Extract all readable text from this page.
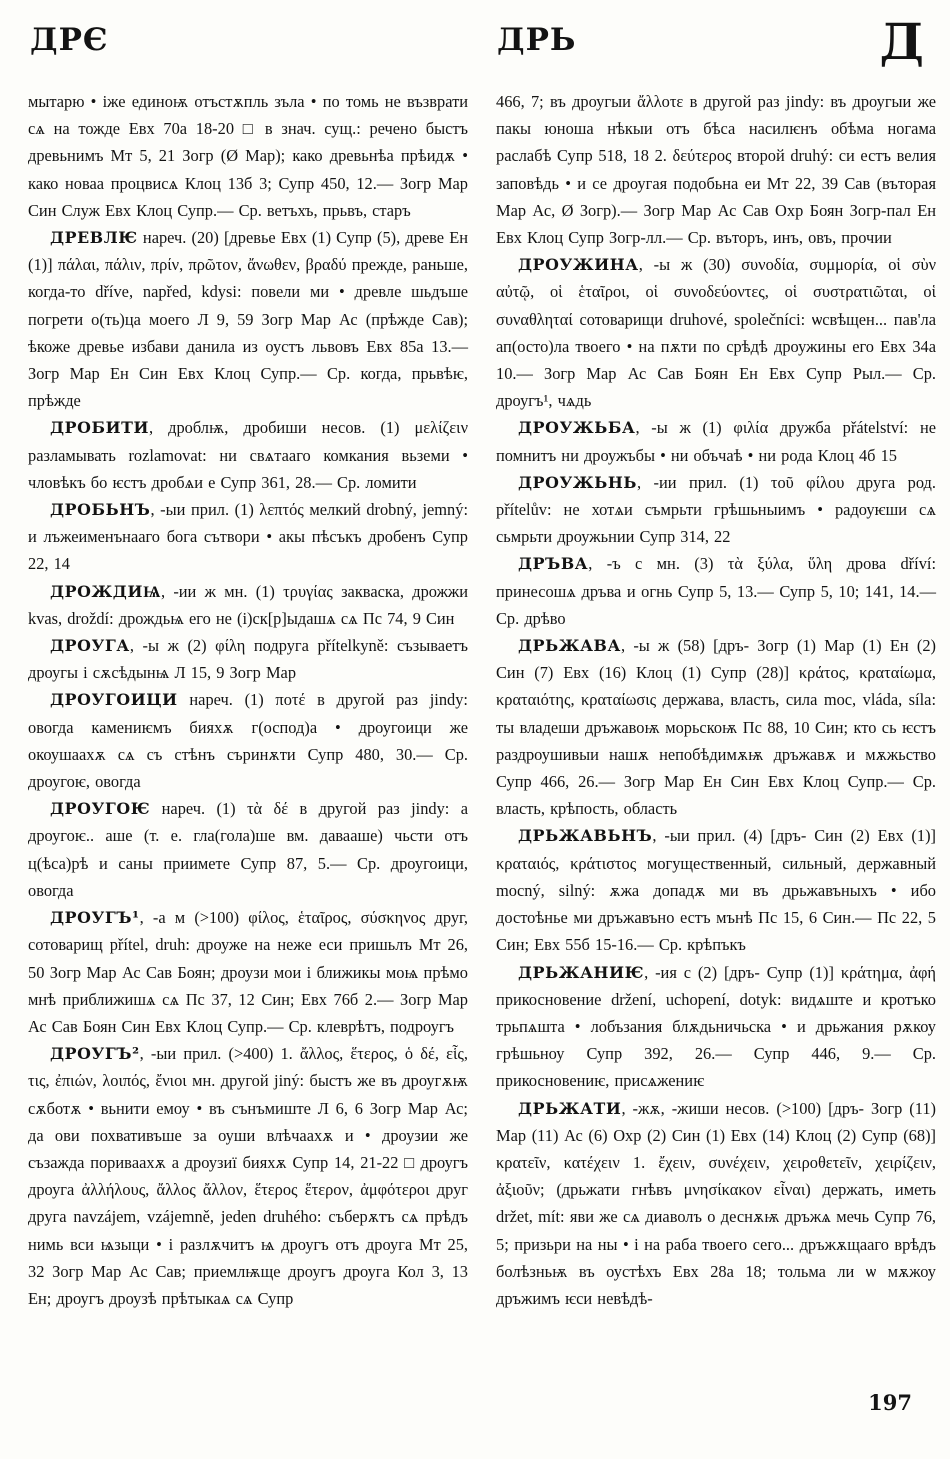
ДРЄ	ДРЬ	Д

мытарю • іже единоѭ отъстѫпль зъла • по томь не възврати сѧ на тожде Евх 70а 18-20 □ в знач. сущ.: речено быстъ древьнимъ Мт 5, 21 Зогр (Ø Мар); како древьнѣа прѣидѫ • како новаа процвисѧ Клоц 13б 3; Супр 450, 12.— Зогр Мар Син Служ Евх Клоц Супр.— Ср. ветъхъ, прьвъ, старъ

ДРЕВЛѤ нареч. (20) [древье Евх (1) Супр (5), древе Ен (1)] πάλαι, πάλιν, πρίν, πρῶτον, ἄνωθεν, βραδύ прежде, раньше, когда-то dříve, napřed, kdysi: повели ми • древле шьдъше погрети о(ть)ца моего Л 9, 59 Зогр Мар Ас (прѣжде Сав); ѣкоже древье избави данила из оустъ львовъ Евх 85а 13.— Зогр Мар Ен Син Евх Клоц Супр.— Ср. когда, прьвѣѥ, прѣжде

ДРОБИТИ, дроблѭ, дробиши несов. (1) μελίζειν разламывать rozlamovat: ни свѧтааго комкания вьземи • чловѣкъ бо ѥстъ дробѧи е Супр 361, 28.— Ср. ломити

ДРОБЬНЪ, -ыи прил. (1) λεπτός мелкий drobný, jemný: и лъжеименънааго бога сътвори • акы пѣсъкъ дробенъ Супр 22, 14

ДРОЖДИѨ, -ии ж мн. (1) τρυγίας закваска, дрожжи kvas, droždí: дрождьѩ его не (і)ск[р]ыдашѧ сѧ Пс 74, 9 Син

ДРОУГА, -ы ж (2) φίλη подруга přítelkyně: съзываетъ дроугы і сѫсѣдынѩ Л 15, 9 Зогр Мар

ДРОУГОИЦИ нареч. (1) ποτέ в другой раз jindy: овогда камениѥмъ бияхѫ г(оспод)а • дроугоици же окоушаахѫ сѧ съ стѣнъ съринѫти Супр 480, 30.— Ср. дроугоѥ, овогда

ДРОУГОѤ нареч. (1) τὰ δέ в другой раз jindy: а дроугоѥ.. аше (т. е. гла(гола)ше вм. давааше) чьсти отъ ц(ѣса)рѣ и саны приимете Супр 87, 5.— Ср. дроугоици, овогда

ДРОУГЪ¹, -а м (>100) φίλος, ἑταῖρος, σύσκηνος друг, сотоварищ přítel, druh: дроуже на неже еси пришьлъ Мт 26, 50 Зогр Мар Ас Сав Боян; дроузи мои і ближикы моѩ прѣмо мнѣ приближишѧ сѧ Пс 37, 12 Син; Евх 76б 2.— Зогр Мар Ас Сав Боян Син Евх Клоц Супр.— Ср. клеврѣтъ, подроугъ

ДРОУГЪ², -ыи прил. (>400) 1. ἄλλος, ἕτερος, ὁ δέ, εἷς, τις, ἐπιών, λοιπός, ἔνιοι мн. другой jiný: быстъ же въ дроугѫѭ сѫботѫ • вьнити емоу • въ сънъмиште Л 6, 6 Зогр Мар Ас; да ови похвативъше за оуши влѣчаахѫ и • дроузии же съзажда поривaaхѫ а дроузиї бияхѫ Супр 14, 21-22 □ дроугъ дроуга ἀλλήλους, ἄλλος ἄλλον, ἕτερος ἕτερον, ἀμφότεροι друг друга navzájem, vzájemně, jeden druhého: съберѫтъ сѧ прѣдъ нимь вси ѩзыци • і разлѫчитъ ѩ дроугъ отъ дроуга Мт 25, 32 Зогр Мар Ас Сав; приемлѭще дроугъ дроуга Кол 3, 13 Ен; дроугъ дроузѣ прѣтыкаѧ сѧ Супр

466, 7; въ дроугыи ἄλλοτε в другой раз jindy: въ дроугыи же пакы юноша нѣкыи отъ бѣса насилѥнъ обѣма ногама раслабѣ Супр 518, 18 2. δεύτερος второй druhý: си естъ велия заповѣдь • и се дроугая подобьна еи Мт 22, 39 Сав (въторая Мар Ас, Ø Зогр).— Зогр Мар Ас Сав Охр Боян Зогр-пал Ен Евх Клоц Супр Зогр-лл.— Ср. въторъ, инъ, овъ, прочии

ДРОУЖИНА, -ы ж (30) συνοδία, συμμορία, οἱ σὺν αὐτῷ, οἱ ἑταῖροι, οἱ συνοδεύοντες, οἱ συστρατιῶται, οἱ συναθληταί сотоварищи druhové, společníci: ѡсвѣщен... пав'ла ап(осто)ла твоего • на пѫти по срѣдѣ дроужины его Евх 34а 10.— Зогр Мар Ас Сав Боян Ен Евх Супр Рыл.— Ср. дроугъ¹, чѧдь

ДРОУЖЬБА, -ы ж (1) φιλία дружба přátelství: не помнитъ ни дроужъбы • ни объчаѣ • ни рода Клоц 4б 15

ДРОУЖЬНЬ, -ии прил. (1) τοῦ φίλου друга род. přítelův: не хотѧи съмрьти грѣшьныимъ • радоуѥши сѧ сьмрьти дроужьнии Супр 314, 22

ДРЪВА, -ъ с мн. (3) τὰ ξύλα, ὕλη дрова dříví: принесошѧ дръва и огнь Супр 5, 13.— Супр 5, 10; 141, 14.— Ср. дрѣво

ДРЬЖАВА, -ы ж (58) [дръ- Зогр (1) Мар (1) Ен (2) Син (7) Евх (16) Клоц (1) Супр (28)] κράτος, κραταίωμα, κραταιότης, κραταίωσις держава, власть, сила moc, vláda, síla: ты владеши дръжавоѭ морьскоѭ Пс 88, 10 Син; кто сь ѥстъ раздроушивыи нашѫ непобѣдимѫѭ дръжавѫ и мѫжьство Супр 466, 26.— Зогр Мар Ен Син Евх Клоц Супр.— Ср. власть, крѣпость, область

ДРЬЖАВЬНЪ, -ыи прил. (4) [дръ- Син (2) Евх (1)] κραταιός, κράτιστος могущественный, сильный, державный mocný, silný: ѫжа допадѫ ми въ дрьжавъныхъ • ибо достоѣнье ми дръжавъно естъ мънѣ Пс 15, 6 Син.— Пс 22, 5 Син; Евх 55б 15-16.— Ср. крѣпъкъ

ДРЬЖАНИѤ, -ия с (2) [дръ- Супр (1)] κράτημα, ἀφή прикосновение držení, uchopení, dotyk: видѧште и кротъко трьпѧшта • лобъзания блѫдьничьска • и дрьжания рѫкоу грѣшьноу Супр 392, 26.— Супр 446, 9.— Ср. прикосновениѥ, присѧжениѥ

ДРЬЖАТИ, -жѫ, -жиши несов. (>100) [дръ- Зогр (11) Мар (11) Ас (6) Охр (2) Син (1) Евх (14) Клоц (2) Супр (68)] κρατεῖν, κατέχειν 1. ἔχειν, συνέχειν, χειροθετεῖν, χειρίζειν, ἀξιοῦν; (дрьжати гнѣвъ μνησίκακον εἶναι) держать, иметь držet, mít: яви же сѧ диаволъ о деснѫѭ дръжѧ мечь Супр 76, 5; призьри на ны • і на раба твоего сего... дръжѫщааго врѣдъ болѣзньѭ въ оустѣхъ Евх 28а 18; тольма ли ѡ мѫжоу дръжимъ ѥси невѣдѣ-

197
